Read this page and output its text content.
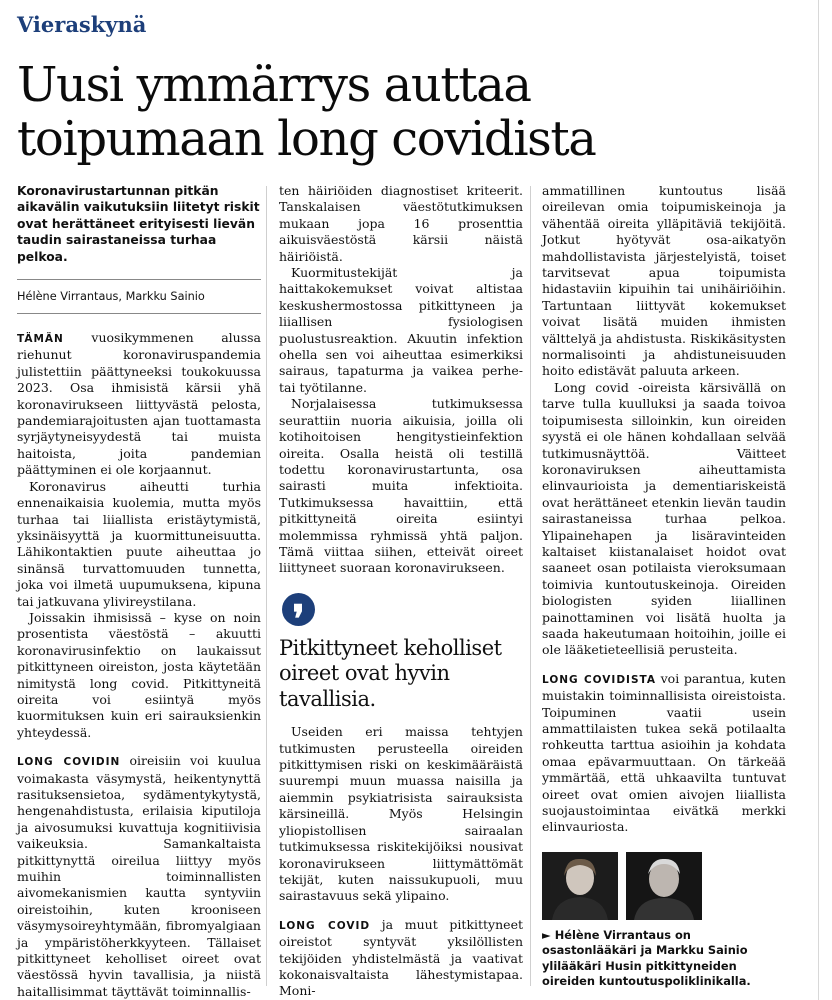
Vieraskynä
Uusi ymmärrys auttaa toipumaan long covidista

Koronavirustartunnan pitkän aikavälin vaikutuksiin liitetyt riskit ovat herättäneet erityisesti lievän taudin sairastaneissa turhaa pelkoa.

Hélène Virrantaus, Markku Sainio

TÄMÄN vuosikymmenen alussa riehunut koronaviruspandemia julistettiin päättyneeksi toukokuussa 2023. Osa ihmisistä kärsii yhä koronavirukseen liittyvästä pelosta, pandemiarajoitusten ajan tuottamasta syrjäytyneisyydestä tai muista haitoista, joita pandemian päättyminen ei ole korjaannut.

Koronavirus aiheutti turhia ennenaikaisia kuolemia, mutta myös turhaa tai liiallista eristäytymistä, yksinäisyyttä ja kuormittuneisuutta. Lähikontaktien puute aiheuttaa jo sinänsä turvattomuuden tunnetta, joka voi ilmetä uupumuksena, kipuna tai jatkuvana ylivireystilana.

Joissakin ihmisissä – kyse on noin prosentista väestöstä – akuutti koronavirusinfektio on laukaissut pitkittyneen oireiston, josta käytetään nimitystä long covid. Pitkittyneitä oireita voi esiintyä myös kuormituksen kuin eri sairauksienkin yhteydessä.

LONG COVIDIN oireisiin voi kuulua voimakasta väsymystä, heikentynyttä rasituksensietoa, sydämentykytystä, hengenahdistusta, erilaisia kiputiloja ja aivosumuksi kuvattuja kognitiivisia vaikeuksia. Samankaltaista pitkittynyttä oireilua liittyy myös muihin toiminnallisten aivomekanismien kautta syntyviin oireistoihin, kuten krooniseen väsymysoireyhtymään, fibromyalgiaan ja ympäristöherkkyyteen. Tällaiset pitkittyneet keholliset oireet ovat väestössä hyvin tavallisia, ja niistä haitallisimmat täyttävät toiminnallis-

ten häiriöiden diagnostiset kriteerit. Tanskalaisen väestötutkimuksen mukaan jopa 16 prosenttia aikuisväestöstä kärsii näistä häiriöistä.

Kuormitustekijät ja haittakokemukset voivat altistaa keskushermostossa pitkittyneen ja liiallisen fysiologisen puolustusreaktion. Akuutin infektion ohella sen voi aiheuttaa esimerkiksi sairaus, tapaturma ja vaikea perhe- tai työtilanne.

Norjalaisessa tutkimuksessa seurattiin nuoria aikuisia, joilla oli kotihoitoisen hengitystieinfektion oireita. Osalla heistä oli testillä todettu koronavirustartunta, osa sairasti muita infektioita. Tutkimuksessa havaittiin, että pitkittyneitä oireita esiintyi molemmissa ryhmissä yhtä paljon. Tämä viittaa siihen, etteivät oireet liittyneet suoraan koronavirukseen.

❜
Pitkittyneet keholliset oireet ovat hyvin tavallisia.

Useiden eri maissa tehtyjen tutkimusten perusteella oireiden pitkittymisen riski on keskimääräistä suurempi muun muassa naisilla ja aiemmin psykiatrisista sairauksista kärsineillä. Myös Helsingin yliopistollisen sairaalan tutkimuksessa riskitekijöiksi nousivat koronavirukseen liittymättömät tekijät, kuten naissukupuoli, muu sairastavuus sekä ylipaino.

LONG COVID ja muut pitkittyneet oireistot syntyvät yksilöllisten tekijöiden yhdistelmästä ja vaativat kokonaisvaltaista lähestymistapaa. Moni-

ammatillinen kuntoutus lisää oireilevan omia toipumiskeinoja ja vähentää oireita ylläpitäviä tekijöitä. Jotkut hyötyvät osa-aikatyön mahdollistavista järjestelyistä, toiset tarvitsevat apua toipumista hidastaviin kipuihin tai unihäiriöihin. Tartuntaan liittyvät kokemukset voivat lisätä muiden ihmisten välttelyä ja ahdistusta. Riskikäsitysten normalisointi ja ahdistuneisuuden hoito edistävät paluuta arkeen.

Long covid -oireista kärsivällä on tarve tulla kuulluksi ja saada toivoa toipumisesta silloinkin, kun oireiden syystä ei ole hänen kohdallaan selvää tutkimusnäyttöä. Väitteet koronaviruksen aiheuttamista elinvaurioista ja dementiariskeistä ovat herättäneet etenkin lievän taudin sairastaneissa turhaa pelkoa. Ylipainehapen ja lisäravinteiden kaltaiset kiistanalaiset hoidot ovat saaneet osan potilaista vieroksumaan toimivia kuntoutuskeinoja. Oireiden biologisten syiden liiallinen painottaminen voi lisätä huolta ja saada hakeutumaan hoitoihin, joille ei ole lääketieteellisiä perusteita.

LONG COVIDISTA voi parantua, kuten muistakin toiminnallisista oireistoista. Toipuminen vaatii usein ammattilaisten tukea sekä potilaalta rohkeutta tarttua asioihin ja kohdata omaa epävarmuuttaan. On tärkeää ymmärtää, että uhkaavilta tuntuvat oireet ovat omien aivojen liiallista suojaustoimintaa eivätkä merkki elinvauriosta.

► Hélène Virrantaus on osastonlääkäri ja Markku Sainio ylilääkäri Husin pitkittyneiden oireiden kuntoutuspoliklinikalla.
